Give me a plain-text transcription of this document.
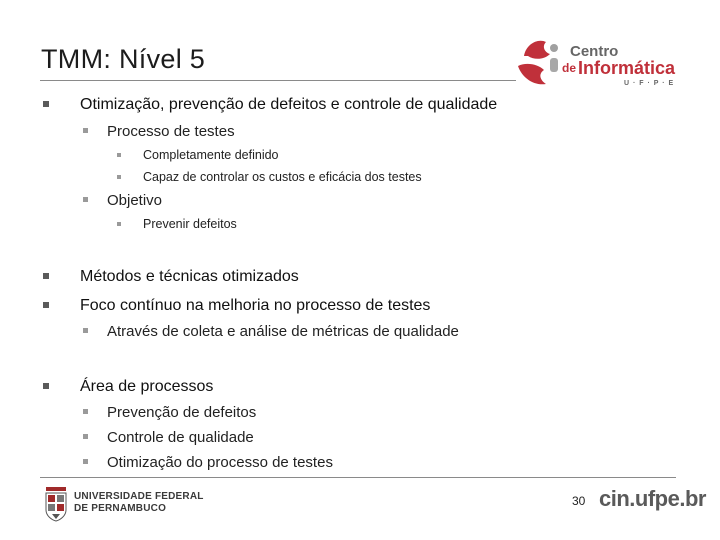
TMM: Nível 5	Centro
de Informática
U · F · P · E
Otimização, prevenção de defeitos e controle de qualidade
Processo de testes
Completamente definido
Capaz de controlar os custos e eficácia dos testes
Objetivo
Prevenir defeitos
Métodos e técnicas otimizados
Foco contínuo na melhoria no processo de testes
Através de coleta e análise de métricas de qualidade
Área de processos
Prevenção de defeitos
Controle de qualidade
Otimização do processo de testes
UNIVERSIDADE FEDERAL
DE PERNAMBUCO
30 cin.ufpe.br
